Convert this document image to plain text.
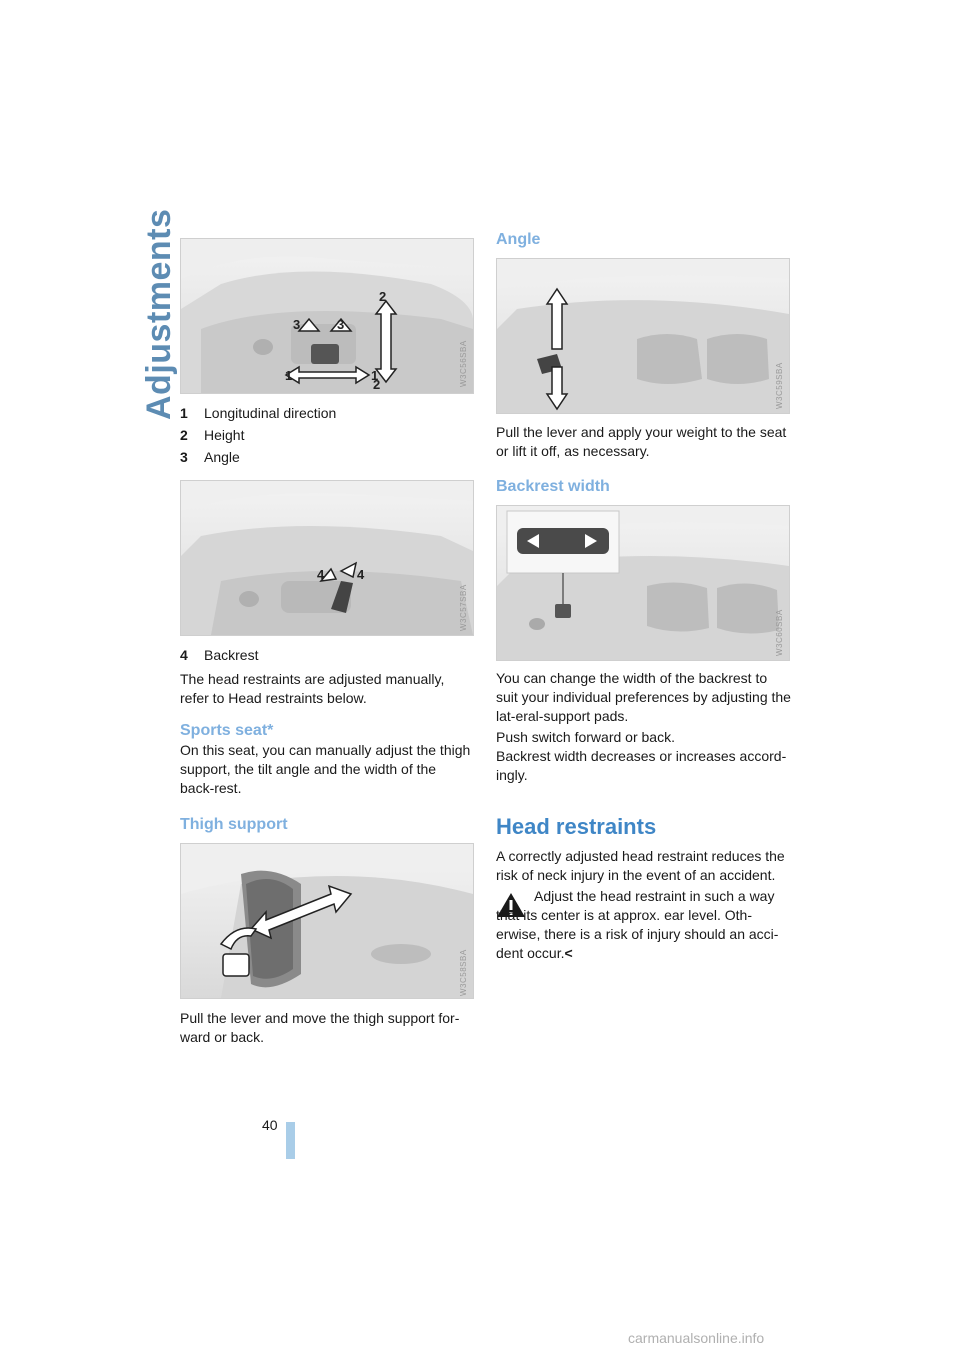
Adjustments	1	1
2
2
3	3
W3C56SBA
1 Longitudinal direction
2 Height
3 Angle
4	4
W3C57SBA
4 Backrest

The head restraints are adjusted manually, refer to Head restraints below.

Sports seat*

On this seat, you can manually adjust the thigh support, the tilt angle and the width of the back-rest.

Thigh support
W3C58SBA

Pull the lever and move the thigh support for-ward or back.

Angle
W3C59SBA

Pull the lever and apply your weight to the seat or lift it off, as necessary.

Backrest width
W3C60SBA

You can change the width of the backrest to suit your individual preferences by adjusting the lat-eral-support pads.

Push switch forward or back.

Backrest width decreases or increases accord-ingly.

Head restraints

A correctly adjusted head restraint reduces the risk of neck injury in the event of an accident.

Adjust the head restraint in such a way that its center is at approx. ear level. Oth-erwise, there is a risk of injury should an acci-dent occur.<

40
carmanualsonline.info
